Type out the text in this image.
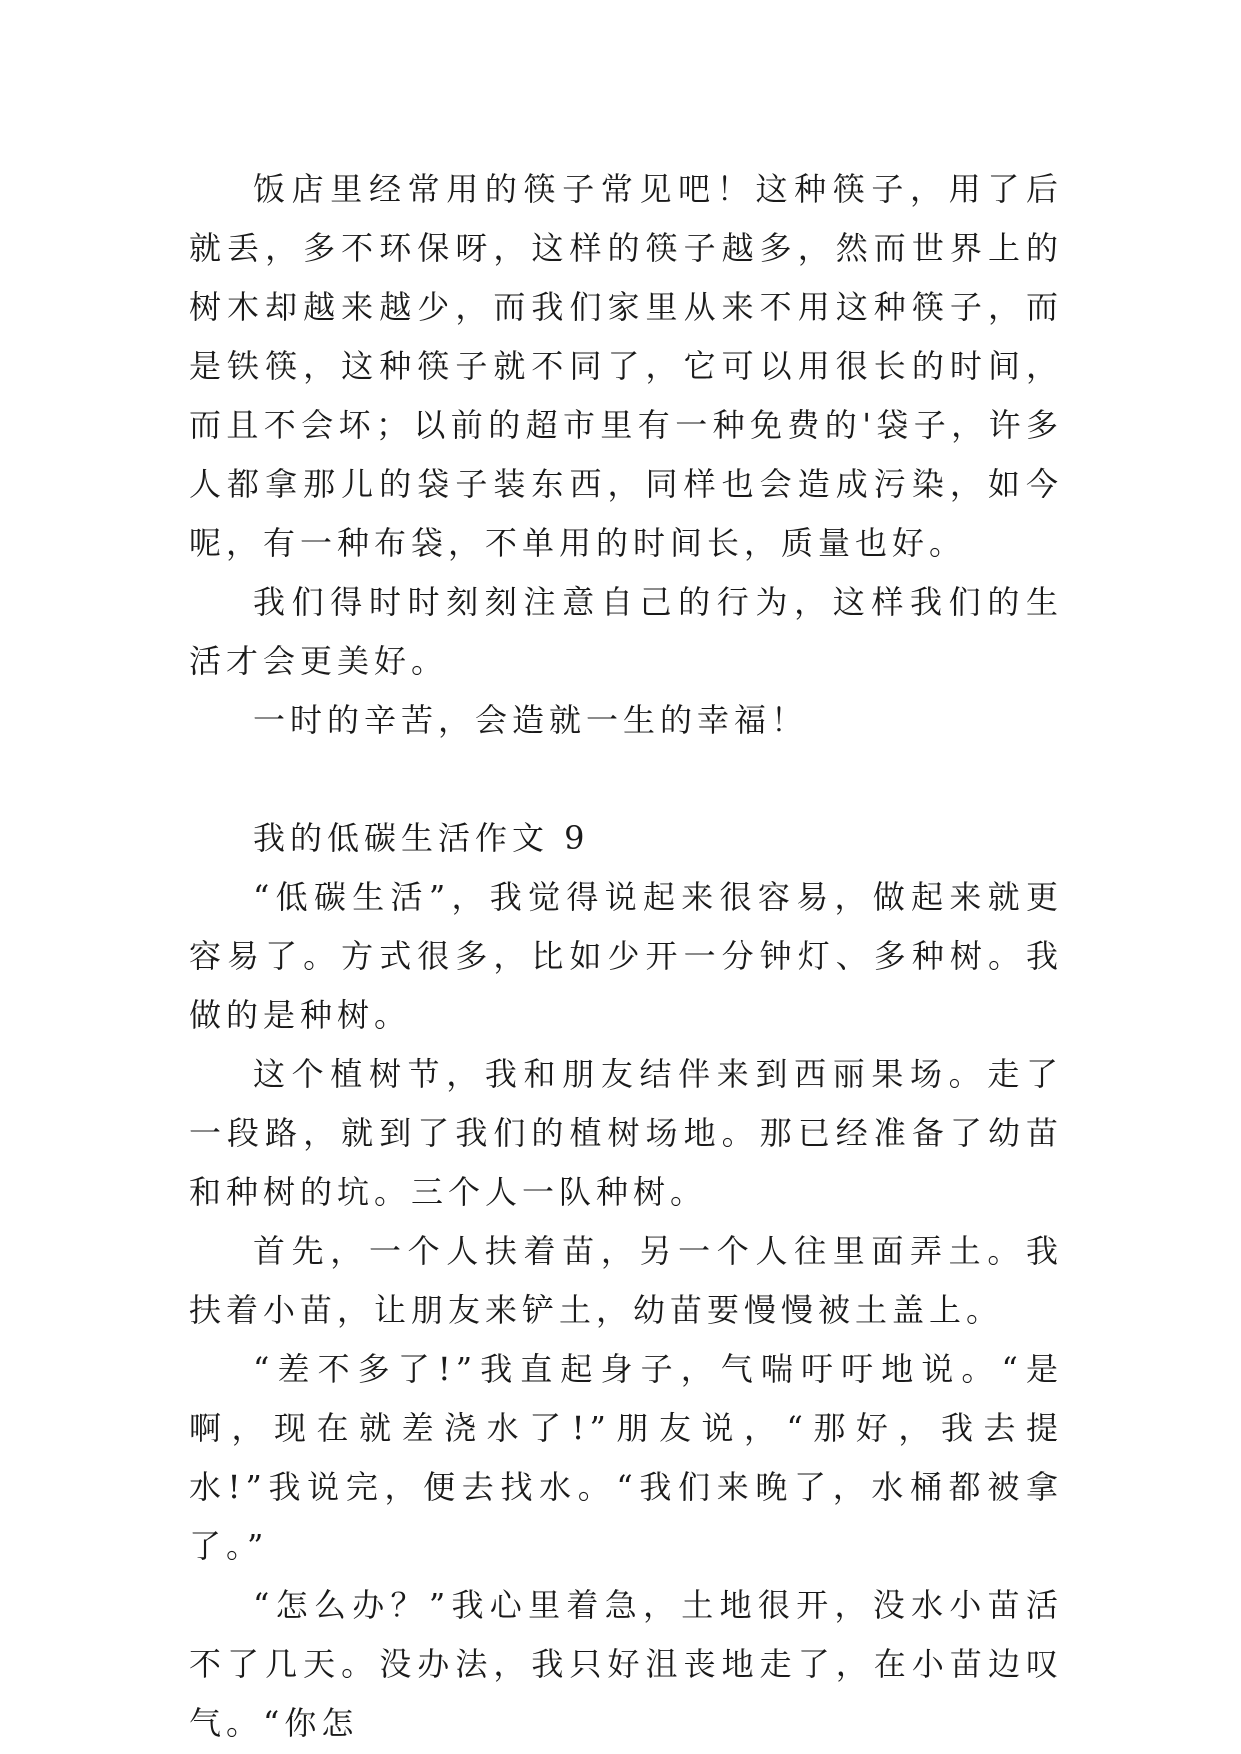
饭店里经常用的筷子常见吧！这种筷子，用了后就丢，多不环保呀，这样的筷子越多，然而世界上的树木却越来越少，而我们家里从来不用这种筷子，而是铁筷，这种筷子就不同了，它可以用很长的时间，而且不会坏；以前的超市里有一种免费的'袋子，许多人都拿那儿的袋子装东西，同样也会造成污染，如今呢，有一种布袋，不单用的时间长，质量也好。

我们得时时刻刻注意自己的行为，这样我们的生活才会更美好。

一时的辛苦，会造就一生的幸福！

我的低碳生活作文 9

“低碳生活”，我觉得说起来很容易，做起来就更容易了。方式很多，比如少开一分钟灯、多种树。我做的是种树。

这个植树节，我和朋友结伴来到西丽果场。走了一段路，就到了我们的植树场地。那已经准备了幼苗和种树的坑。三个人一队种树。

首先，一个人扶着苗，另一个人往里面弄土。我扶着小苗，让朋友来铲土，幼苗要慢慢被土盖上。

“差不多了!”我直起身子，气喘吁吁地说。“是啊，现在就差浇水了!”朋友说，“那好，我去提水!”我说完，便去找水。“我们来晚了，水桶都被拿了。”

“怎么办？”我心里着急，土地很开，没水小苗活不了几天。没办法，我只好沮丧地走了，在小苗边叹气。“你怎
